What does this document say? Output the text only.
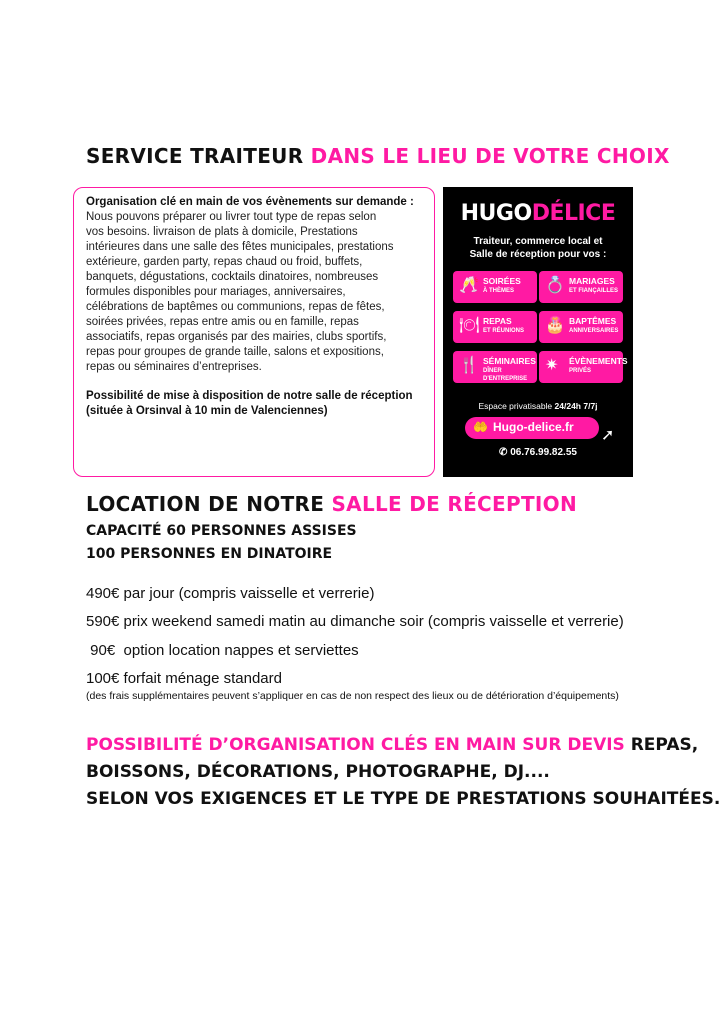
SERVICE TRAITEUR DANS LE LIEU DE VOTRE CHOIX

Organisation clé en main de vos évènements sur demande :

Nous pouvons préparer ou livrer tout type de repas selon

vos besoins. livraison de plats à domicile, Prestations

intérieures dans une salle des fêtes municipales, prestations

extérieure, garden party, repas chaud ou froid, buffets,

banquets, dégustations, cocktails dinatoires, nombreuses

formules disponibles pour mariages, anniversaires,

célébrations de baptêmes ou communions, repas de fêtes,

soirées privées, repas entre amis ou en famille, repas

associatifs, repas organisés par des mairies, clubs sportifs,

repas pour groupes de grande taille, salons et expositions,

repas ou séminaires d’entreprises.

Possibilité de mise à disposition de notre salle de réception

(située à Orsinval à 10 min de Valenciennes)

HUGODÉLICE
Traiteur, commerce local et
Salle de réception pour vos :
🥂 SOIRÉES
À THÈMES 💍 MARIAGES
ET FIANÇAILLES
🍽 REPAS
ET RÉUNIONS 🎂 BAPTÊMES
ANNIVERSAIRES
🍴 SÉMINAIRES
DÎNER D'ENTREPRISE
✷ ÉVÈNEMENTS
PRIVÉS
Espace privatisable 24/24h 7/7j
🤲 Hugo-delice.fr ➚
✆ 06.76.99.82.55
LOCATION DE NOTRE SALLE DE RÉCEPTION

CAPACITÉ 60 PERSONNES ASSISES

100 PERSONNES EN DINATOIRE

490€ par jour (compris vaisselle et verrerie)

590€ prix weekend samedi matin au dimanche soir (compris vaisselle et verrerie)

90€  option location nappes et serviettes

100€ forfait ménage standard

(des frais supplémentaires peuvent s’appliquer en cas de non respect des lieux ou de détérioration d’équipements)

POSSIBILITÉ D’ORGANISATION CLÉS EN MAIN SUR DEVIS REPAS,

BOISSONS, DÉCORATIONS, PHOTOGRAPHE, DJ....

SELON VOS EXIGENCES ET LE TYPE DE PRESTATIONS SOUHAITÉES.
